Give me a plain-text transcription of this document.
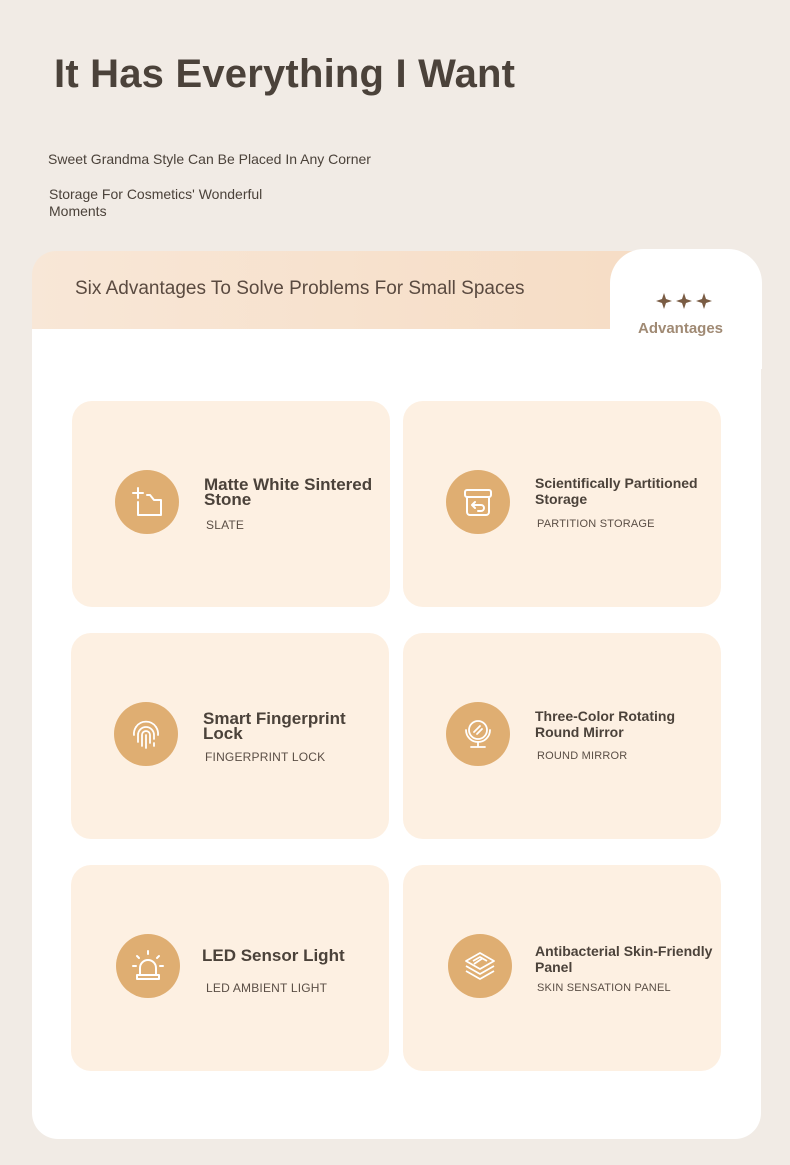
It Has Everything I Want

Sweet Grandma Style Can Be Placed In Any Corner

Storage For Cosmetics' Wonderful Moments

Six Advantages To Solve Problems For Small Spaces

Advantages

Matte White Sintered Stone

SLATE

Scientifically Partitioned Storage

PARTITION STORAGE

Smart Fingerprint Lock

FINGERPRINT LOCK

Three-Color Rotating Round Mirror

ROUND MIRROR

LED Sensor Light

LED AMBIENT LIGHT

Antibacterial Skin-Friendly Panel

SKIN SENSATION PANEL
